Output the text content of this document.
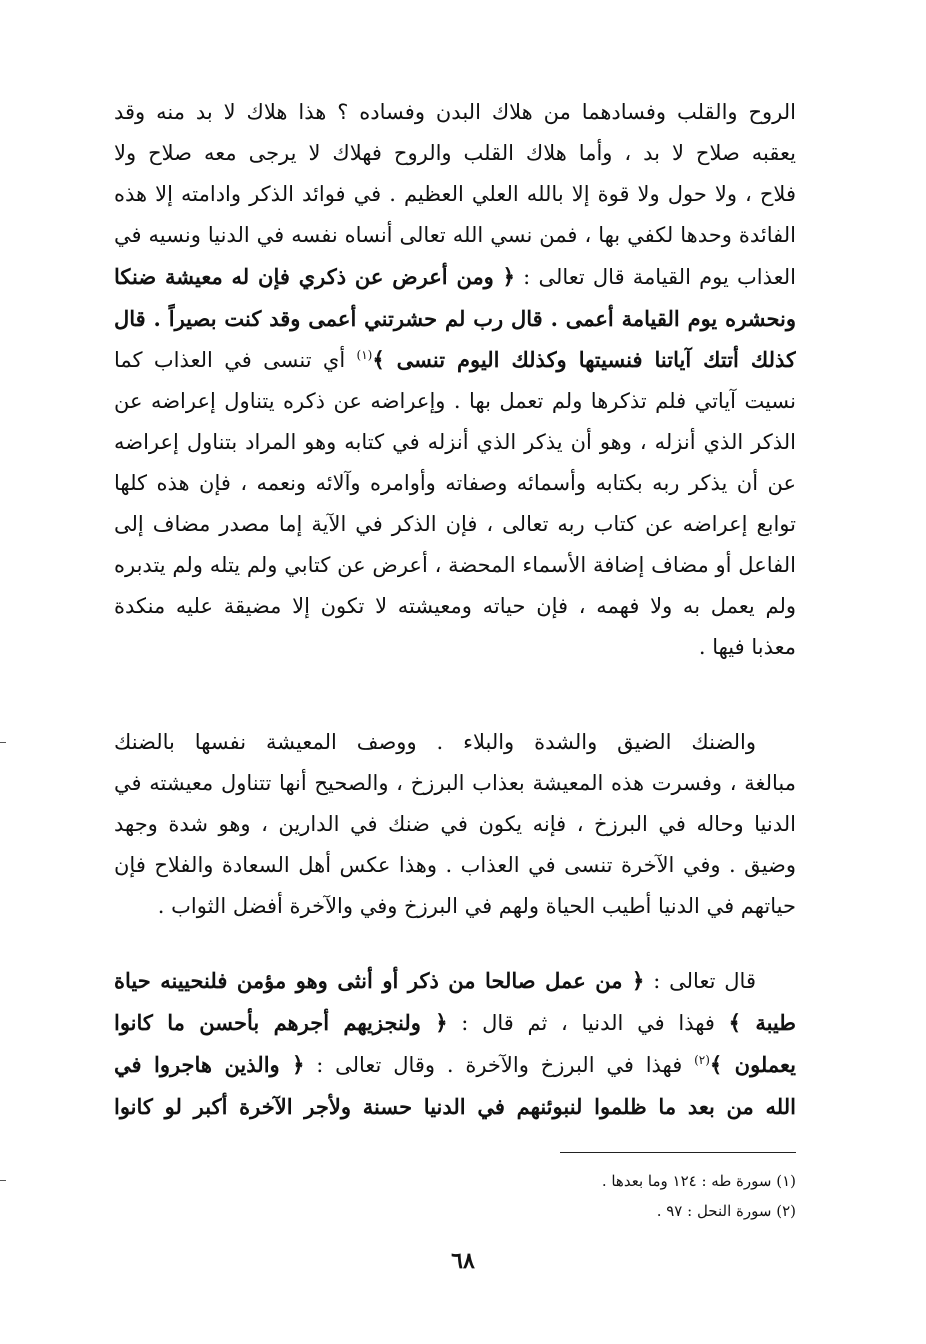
الروح والقلب وفسادهما من هلاك البدن وفساده ؟ هذا هلاك لا بد منه وقد
يعقبه صلاح لا بد ، وأما هلاك القلب والروح فهلاك لا يرجى معه صلاح ولا
فلاح ، ولا حول ولا قوة إلا بالله العلي العظيم . في فوائد الذكر وادامته إلا هذه
الفائدة وحدها لكفي بها ، فمن نسي الله تعالى أنساه نفسه في الدنيا ونسيه في
العذاب يوم القيامة قال تعالى : ﴿ ومن أعرض عن ذكري فإن له معيشة ضنكا
ونحشره يوم القيامة أعمى . قال رب لم حشرتني أعمى وقد كنت بصيراً . قال
كذلك أتتك آياتنا فنسيتها وكذلك اليوم تنسى ﴾$^{(١)}$ أي تنسى في العذاب كما
نسيت آياتي فلم تذكرها ولم تعمل بها . وإعراضه عن ذكره يتناول إعراضه عن
الذكر الذي أنزله ، وهو أن يذكر الذي أنزله في كتابه وهو المراد بتناول إعراضه
عن أن يذكر ربه بكتابه وأسمائه وصفاته وأوامره وآلائه ونعمه ، فإن هذه كلها
توابع إعراضه عن كتاب ربه تعالى ، فإن الذكر في الآية إما مصدر مضاف إلى
الفاعل أو مضاف إضافة الأسماء المحضة ، أعرض عن كتابي ولم يتله ولم يتدبره
ولم يعمل به ولا فهمه ، فإن حياته ومعيشته لا تكون إلا مضيقة عليه منكدة
معذبا فيها .
والضنك الضيق والشدة والبلاء . ووصف المعيشة نفسها بالضنك
مبالغة ، وفسرت هذه المعيشة بعذاب البرزخ ، والصحيح أنها تتناول معيشته في
الدنيا وحاله في البرزخ ، فإنه يكون في ضنك في الدارين ، وهو شدة وجهد
وضيق . وفي الآخرة تنسى في العذاب . وهذا عكس أهل السعادة والفلاح فإن
حياتهم في الدنيا أطيب الحياة ولهم في البرزخ وفي والآخرة أفضل الثواب .
قال تعالى : ﴿ من عمل صالحا من ذكر أو أنثى وهو مؤمن فلنحيينه حياة
طيبة ﴾ فهذا في الدنيا ، ثم قال : ﴿ ولنجزيهم أجرهم بأحسن ما كانوا
يعملون ﴾$^{(٢)}$ فهذا في البرزخ والآخرة . وقال تعالى : ﴿ والذين هاجروا في
الله من بعد ما ظلموا لنبوئنهم في الدنيا حسنة ولأجر الآخرة أكبر لو كانوا
(١) سورة طه : ١٢٤ وما بعدها .
(٢) سورة النحل : ٩٧ .
٦٨
